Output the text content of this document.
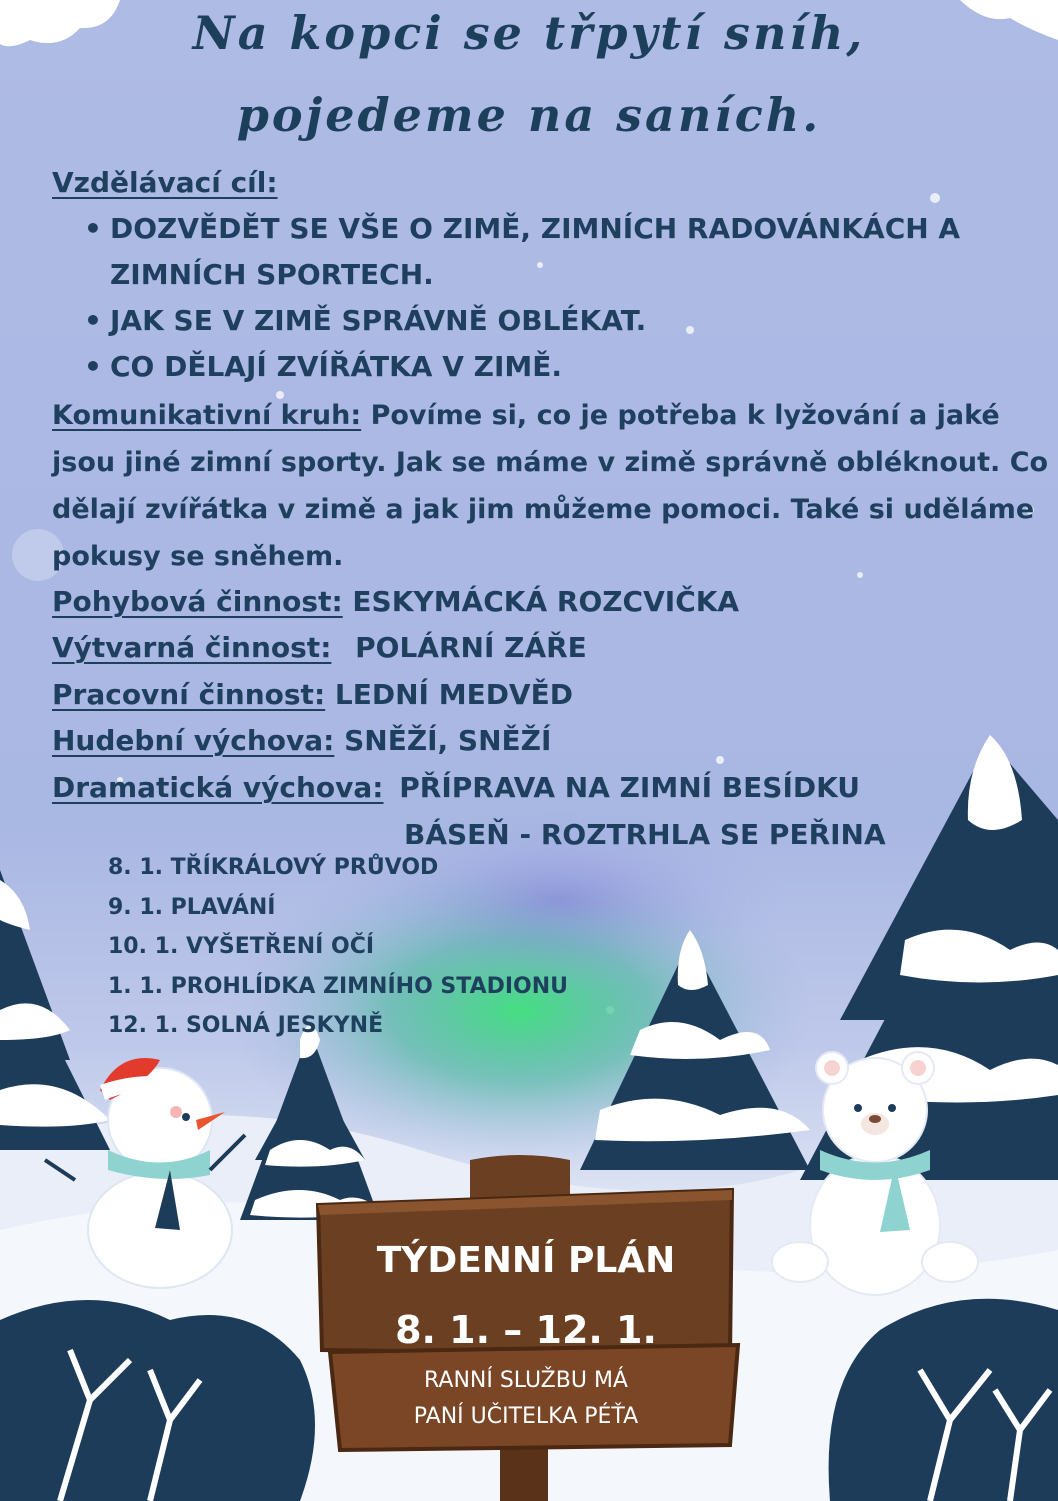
Na kopci se třpytí sníh,
pojedeme na saních.
Vzdělávací cíl:
• DOZVĚDĚT SE VŠE O ZIMĚ, ZIMNÍCH RADOVÁNKÁCH A ZIMNÍCH SPORTECH.
• JAK SE V ZIMĚ SPRÁVNĚ OBLÉKAT.
• CO DĚLAJÍ ZVÍŘÁTKA V ZIMĚ.
Komunikativní kruh: Povíme si, co je potřeba k lyžování a jaké jsou jiné zimní sporty. Jak se máme v zimě správně obléknout. Co dělají zvířátka v zimě a jak jim můžeme pomoci. Také si uděláme pokusy se sněhem.
Pohybová činnost: ESKYMÁCKÁ ROZCVIČKA
Výtvarná činnost: POLÁRNÍ ZÁŘE
Pracovní činnost: LEDNÍ MEDVĚD
Hudební výchova: SNĚŽÍ, SNĚŽÍ
Dramatická výchova: PŘÍPRAVA NA ZIMNÍ BESÍDKU
BÁSEŇ - ROZTRHLA SE PEŘINA
8. 1. TŘÍKRÁLOVÝ PRŮVOD
9. 1. PLAVÁNÍ
10. 1. VYŠETŘENÍ OČÍ
1. 1. PROHLÍDKA ZIMNÍHO STADIONU
12. 1. SOLNÁ JESKYNĚ
TÝDENNÍ PLÁN
8. 1. – 12. 1.
RANNÍ SLUŽBU MÁ
PANÍ UČITELKA PÉŤA
